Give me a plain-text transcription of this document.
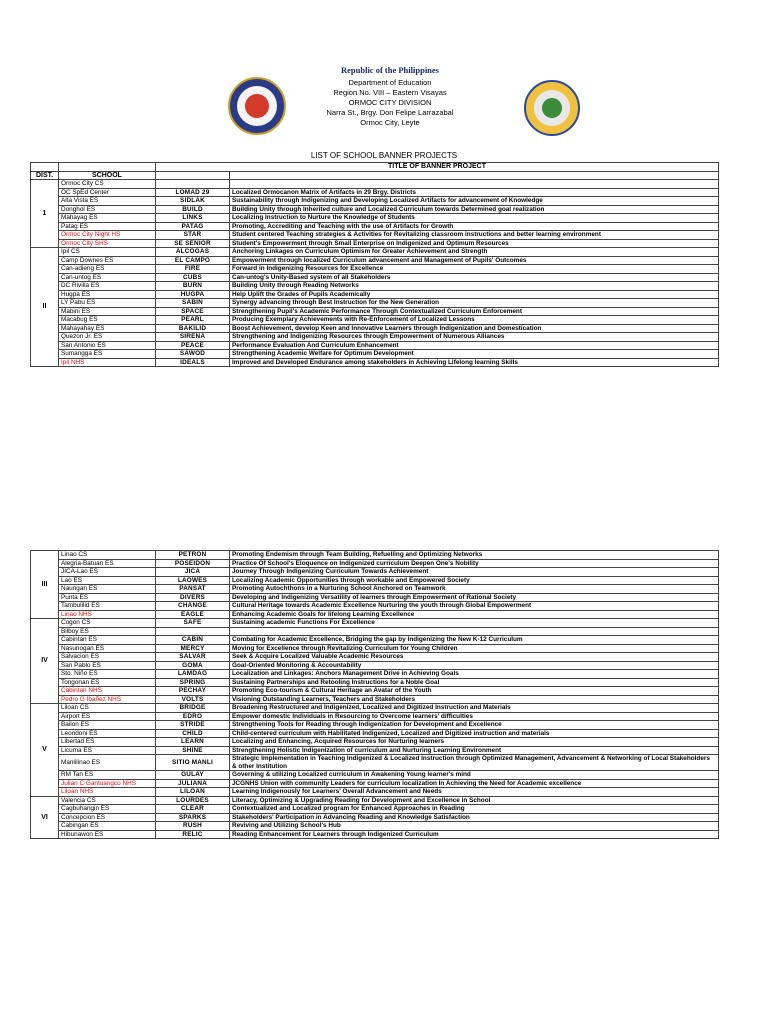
Republic of the Philippines
Department of Education
Region No. VIII – Eastern Visayas
ORMOC CITY DIVISION
Narra St., Brgy. Don Felipe Larrazabal
Ormoc City, Leyte
LIST OF SCHOOL BANNER PROJECTS
		TITLE OF BANNER PROJECT	
DIST.	SCHOOL		
1	Ormoc City CS		
	OC SpEd Center	LOMAD 29	Localized Ormocanon Matrix of Artifacts in 29 Brgy. Districts
	Alta Vista ES	SIDLAK	Sustainability through Indigenizing and Developing Localized Artifacts for advancement of Knowledge
	Donghol ES	BUILD	Building Unity through Inherited culture and Localized Curriculum towards Determined goal realization
	Mahayag ES	LINKS	Localizing Instruction to Nurture the Knowledge of Students
	Patag ES	PATAG	Promoting, Accrediting and Teaching with the use of Artifacts for Growth
	Ormoc City Night HS	STAR	Student centered Teaching strategies & Activities for Revitalizing classroom instructions and better learning environment
	Ormoc City SHS	SE SENIOR	Student's Empowerment through Small Enterprise on Indigenized and Optimum Resources
II	Ipil CS	ALCOGAS	Anchoring Linkages on Curriculum Optimism for Greater Achievement and Strength
	Camp Downes ES	EL CAMPO	Empowerment through localized Curriculum advancement and Management of Pupils' Outcomes
	Can-adieng ES	FIRE	Forward in Indigenizing Resources for Excellence
	Can-untog ES	CUBS	Can-untog's Unity-Based system of all Stakeholders
	DC Rivilla ES	BURN	Building Unity through Reading Networks
	Hugpa ES	HUGPA	Help Uplift the Grades of Pupils Academically
	LY Pabu ES	SABIN	Synergy advancing through Best Instruction for the New Generation
	Mabini ES	SPACE	Strengthening Pupil's Academic Performance Through Contextualized Curriculum Enforcement
	Macabug ES	PEARL	Producing Exemplary Achievements with Re-Enforcement of Localized Lessons
	Mahayahay ES	BAKILID	Boost Achievement, develop Keen and Innovative Learners through Indigenization and Domestication
	Quezon Jr. ES	SIRENA	Strengthening and Indigenizing Resources through Empowerment of Numerous Alliances
	San Antonio ES	PEACE	Performance Evaluation And Curriculum Enhancement
	Sumangga ES	SAWOD	Strengthening Academic Welfare for Optimum Development
	Ipil NHS	IDEALS	Improved and Developed Endurance among stakeholders in Achieving Lifelong learning Skills
III	Linao CS	PETRON	Promoting Endemism through Team Building, Refuelling and Optimizing Networks
	Alegria-Batuan ES	POSEIDON	Practice Of School's Eloquence on Indigenized curriculum Deepen One's Nobility
	JICA-Lao ES	JICA	Journey Through Indigenizing Curriculum Towards Achievement
	Lao ES	LAOWES	Localizing Academic Opportunities through workable and Empowered Society
	Naungan ES	PANSAT	Promoting Autochthons in a Nurturing School Anchored on Teamwork
	Punta ES	DIVERS	Developing and Indigenizing Versatility of learners through Empowerment of Rational Society
	Tambulilid ES	CHANGE	Cultural Heritage towards Academic Excellence Nurturing the youth through Global Empowerment
	Linao NHS	EAGLE	Enhancing Academic Goals for lifelong Learning Excellence
IV	Cogon CS	SAFE	Sustaining academic Functions For Excellence
	Bilboy ES		
	Cabintan ES	CABIN	Combating for Academic Excellence, Bridging the gap by Indigenizing the New K-12 Curriculum
	Nasunogan ES	MERCY	Moving for Excellence through Revitalizing Curriculum for Young Children
	Salvacion ES	SALVAR	Seek & Acquire Localized Valuable Academic Resources
	San Pablo ES	GOMA	Goal-Oriented Monitoring & Accountability
	Sto. Niño ES	LAMDAG	Localization and Linkages: Anchors Management Drive in Achieving Goals
	Tongonan ES	SPRING	Sustaining Partnerships and Retooling Instructions for a Noble Goal
	Cabintan NHS	PECHAY	Promoting Eco-tourism & Cultural Heritage an Avatar of the Youth
	Pedro G Ibañez NHS	VOLTS	Visioning Outstanding Learners, Teachers and Stakeholders
V	Liloan CS	BRIDGE	Broadening Restructured and Indigenized, Localized and Digitized Instruction and Materials
	Airport ES	EDRO	Empower domestic Individuals in Resourcing to Overcome learners' difficulties
	Bailon ES	STRIDE	Strengthening Tools for Reading through Indigenization for Development and Excellence
	Leondoni ES	CHILD	Child-centered curriculum with Habilitated Indigenized, Localized and Digitized instruction and materials
	Libertad ES	LEARN	Localizing and Enhancing, Acquired Resources for Nurturing learners
	Licuma ES	SHINE	Strengthening Holistic Indigenization of curriculum and Nurturing Learning Environment
	Manlilinao ES	SITIO MANLI	Strategic Implementation in Teaching Indigenized & Localized Instruction through Optimized Management, Advancement & Networking of Local Stakeholders & other Institution
	RM Tan ES	GULAY	Governing & utilizing Localized curriculum in Awakening Young learner's mind
	Julian C Gantuangco NHS	JULIANA	JCGNHS Union with community Leaders for curriculum localization In Achieving the Need for Academic excellence
	Liloan NHS	LILOAN	Learning Indigenously for Learners' Overall Advancement and Needs
VI	Valencia CS	LOURDES	Literacy, Optimizing & Upgrading Reading for Development and Excellence in School
	Cagbuhangin ES	CLEAR	Contextualized and Localized program for Enhanced Approaches in Reading
	Concepcion ES	SPARKS	Stakeholders' Participation in Advancing Reading and Knowledge Satisfaction
	Cabingan ES	RUSH	Reviving and Utilizing School's Hub
	Hibunawon ES	RELIC	Reading Enhancement for Learners through Indigenized Curriculum
